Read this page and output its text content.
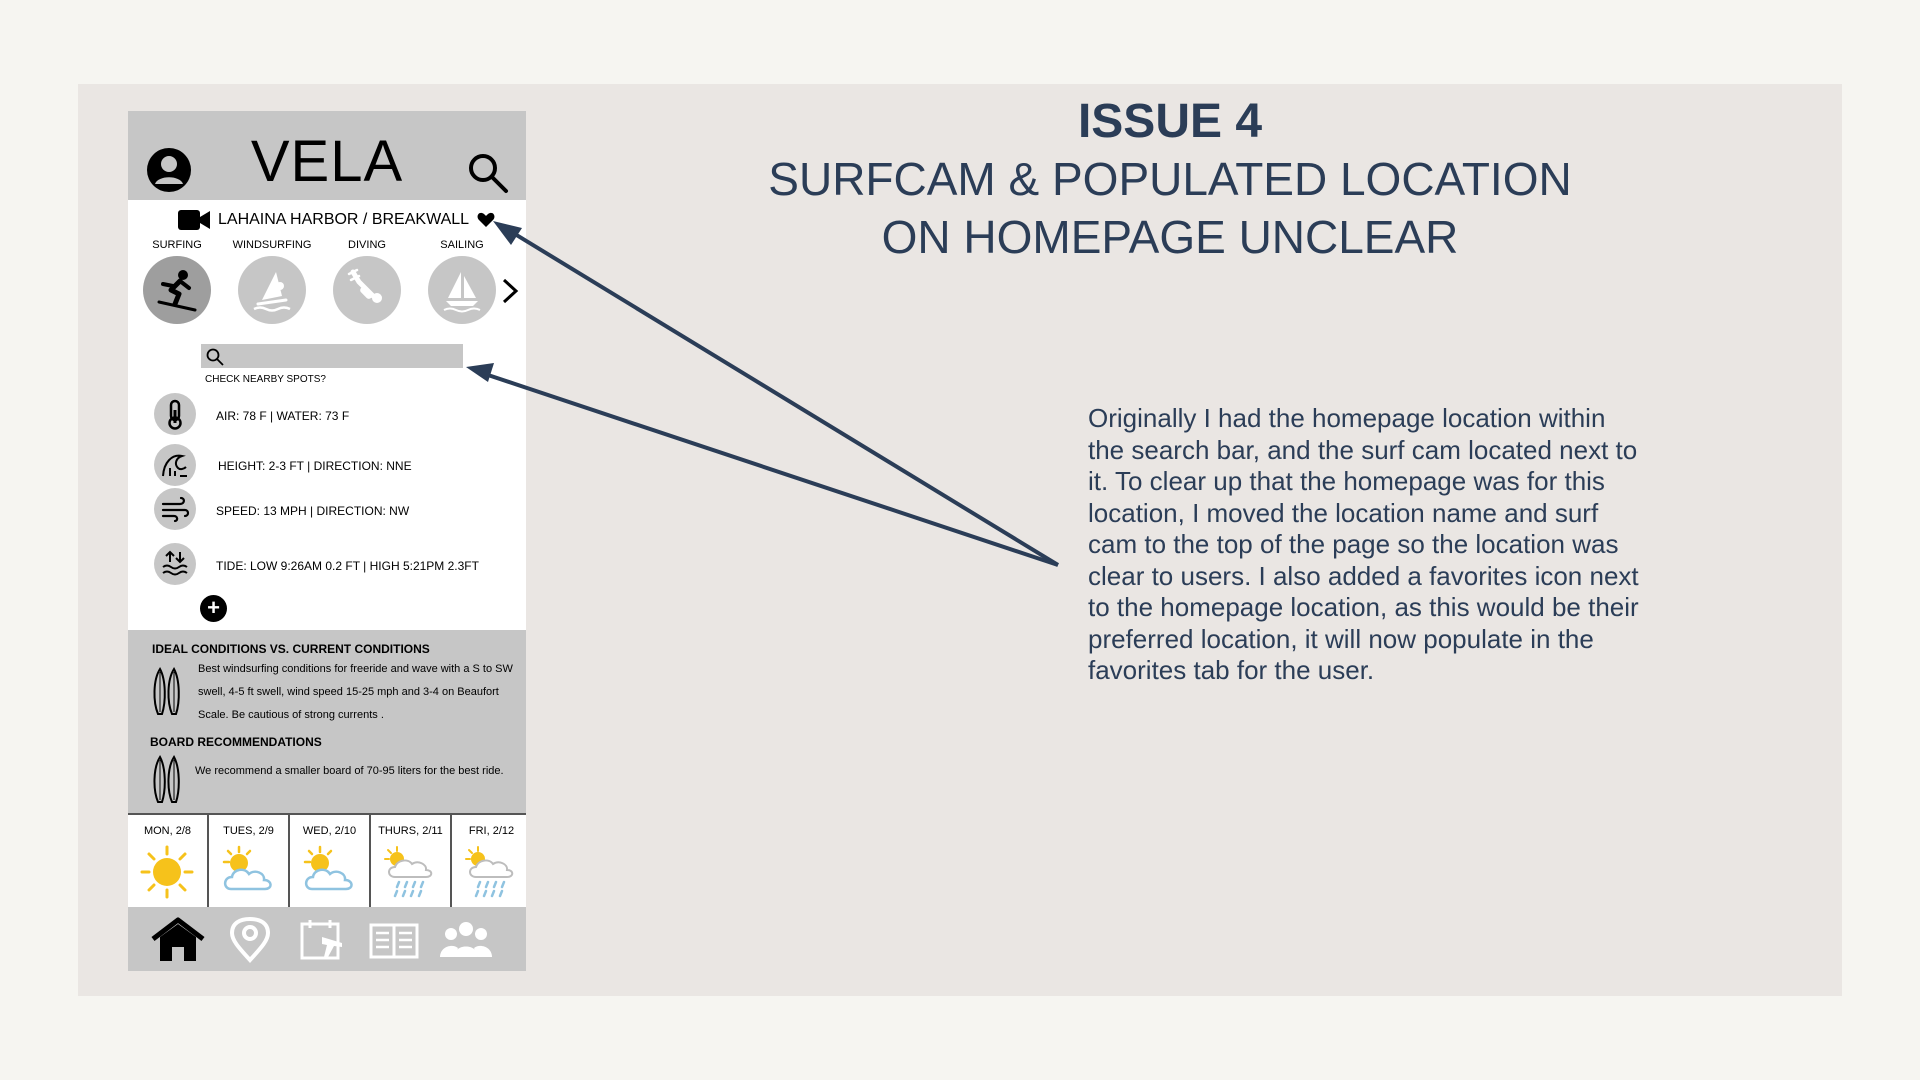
VELA
LAHAINA HARBOR / BREAKWALL
SURFING	WINDSURFING	DIVING	SAILING
CHECK NEARBY SPOTS?
AIR: 78 F | WATER: 73 F
HEIGHT: 2-3 FT | DIRECTION: NNE
SPEED: 13 MPH | DIRECTION: NW
TIDE: LOW 9:26AM 0.2 FT | HIGH 5:21PM 2.3FT
+
IDEAL CONDITIONS VS. CURRENT CONDITIONS
Best windsurfing conditions for freeride and wave with a S to SW swell, 4-5 ft swell, wind speed 15-25 mph and 3-4 on Beaufort Scale. Be cautious of strong currents .
BOARD RECOMMENDATIONS
We recommend a smaller board of 70-95 liters for the best ride.
MON, 2/8	TUES, 2/9	WED, 2/10	THURS, 2/11	FRI, 2/12
ISSUE 4
SURFCAM & POPULATED LOCATION
ON HOMEPAGE UNCLEAR
Originally I had the homepage location within the search bar, and the surf cam located next to it. To clear up that the homepage was for this location, I moved the location name and surf cam to the top of the page so the location was clear to users. I also added a favorites icon next to the homepage location, as this would be their preferred location, it will now populate in the favorites tab for the user.
